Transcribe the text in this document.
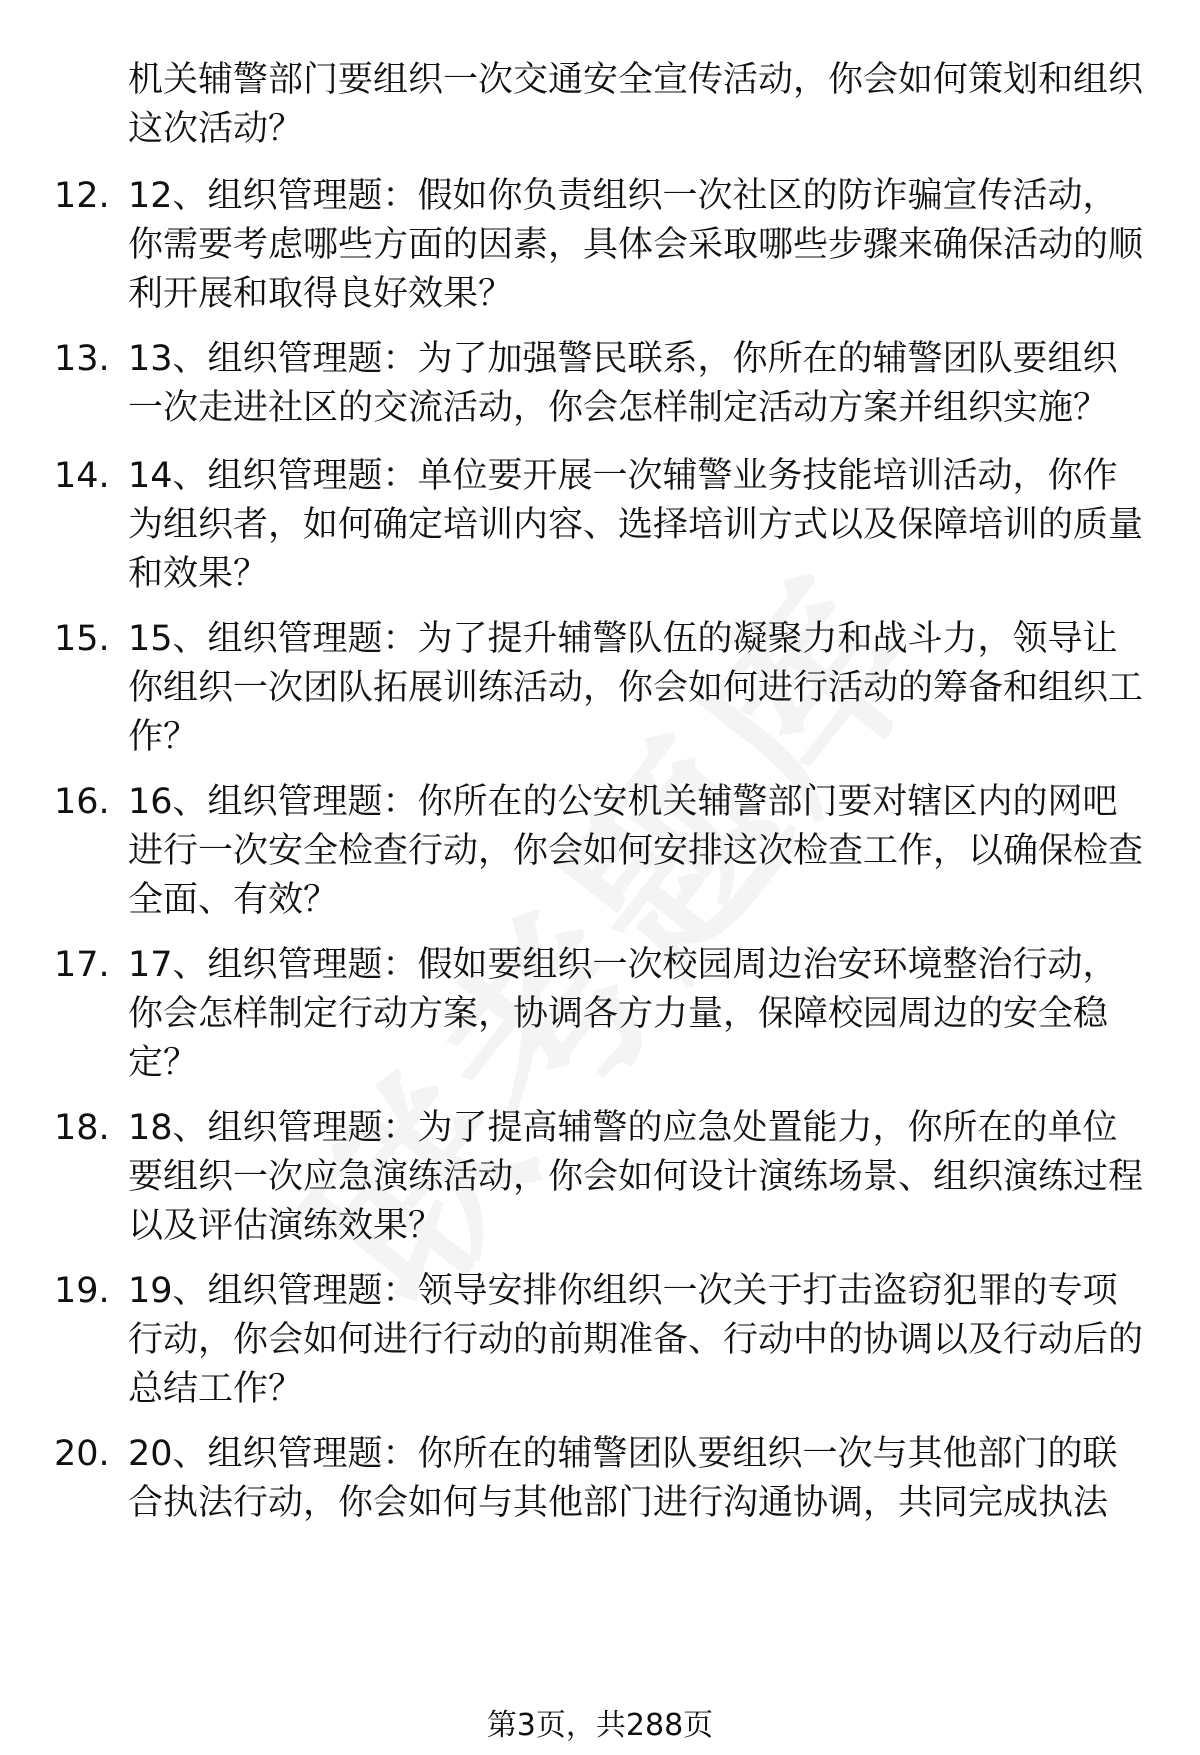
机关辅警部门要组织一次交通安全宣传活动，你会如何策划和组织这次活动？
12. 12、组织管理题：假如你负责组织一次社区的防诈骗宣传活动，你需要考虑哪些方面的因素，具体会采取哪些步骤来确保活动的顺利开展和取得良好效果？
13. 13、组织管理题：为了加强警民联系，你所在的辅警团队要组织一次走进社区的交流活动，你会怎样制定活动方案并组织实施？
14. 14、组织管理题：单位要开展一次辅警业务技能培训活动，你作为组织者，如何确定培训内容、选择培训方式以及保障培训的质量和效果？
15. 15、组织管理题：为了提升辅警队伍的凝聚力和战斗力，领导让你组织一次团队拓展训练活动，你会如何进行活动的筹备和组织工作？
16. 16、组织管理题：你所在的公安机关辅警部门要对辖区内的网吧进行一次安全检查行动，你会如何安排这次检查工作，以确保检查全面、有效？
17. 17、组织管理题：假如要组织一次校园周边治安环境整治行动，你会怎样制定行动方案，协调各方力量，保障校园周边的安全稳定？
18. 18、组织管理题：为了提高辅警的应急处置能力，你所在的单位要组织一次应急演练活动，你会如何设计演练场景、组织演练过程以及评估演练效果？
19. 19、组织管理题：领导安排你组织一次关于打击盗窃犯罪的专项行动，你会如何进行行动的前期准备、行动中的协调以及行动后的总结工作？
20. 20、组织管理题：你所在的辅警团队要组织一次与其他部门的联合执法行动，你会如何与其他部门进行沟通协调，共同完成执法
第3页，共288页
